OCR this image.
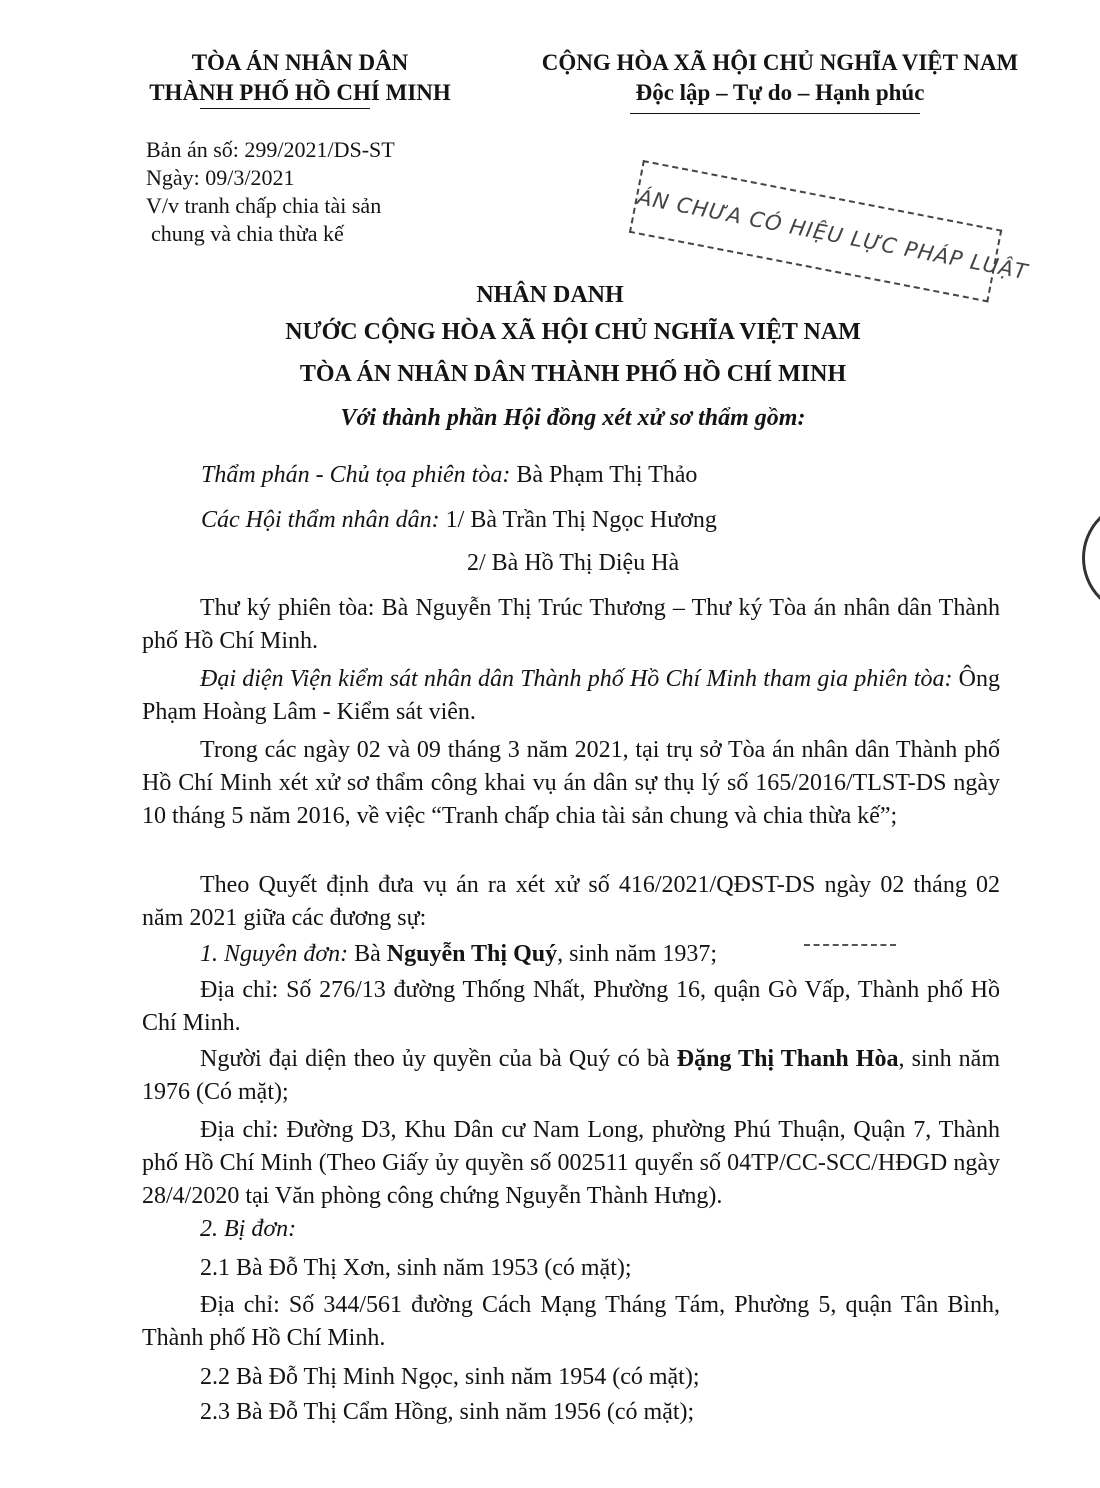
TÒA ÁN NHÂN DÂN
THÀNH PHỐ HỒ CHÍ MINH
CỘNG HÒA XÃ HỘI CHỦ NGHĨA VIỆT NAM
Độc lập – Tự do – Hạnh phúc
Bản án số: 299/2021/DS-ST
Ngày: 09/3/2021
V/v tranh chấp chia tài sản
chung và chia thừa kế	ÁN CHƯA CÓ HIỆU LỰC PHÁP LUẬT
NHÂN DANH
NƯỚC CỘNG HÒA XÃ HỘI CHỦ NGHĨA VIỆT NAM
TÒA ÁN NHÂN DÂN THÀNH PHỐ HỒ CHÍ MINH
Với thành phần Hội đồng xét xử sơ thẩm gồm:
Thẩm phán - Chủ tọa phiên tòa: Bà Phạm Thị Thảo
Các Hội thẩm nhân dân: 1/ Bà Trần Thị Ngọc Hương
2/ Bà Hồ Thị Diệu Hà
Thư ký phiên tòa: Bà Nguyễn Thị Trúc Thương – Thư ký Tòa án nhân dân Thành phố Hồ Chí Minh.
Đại diện Viện kiểm sát nhân dân Thành phố Hồ Chí Minh tham gia phiên tòa: Ông Phạm Hoàng Lâm - Kiểm sát viên.
Trong các ngày 02 và 09 tháng 3 năm 2021, tại trụ sở Tòa án nhân dân Thành phố Hồ Chí Minh xét xử sơ thẩm công khai vụ án dân sự thụ lý số 165/2016/TLST-DS ngày 10 tháng 5 năm 2016, về việc “Tranh chấp chia tài sản chung và chia thừa kế”;
Theo Quyết định đưa vụ án ra xét xử số 416/2021/QĐST-DS ngày 02 tháng 02 năm 2021 giữa các đương sự:
1. Nguyên đơn: Bà Nguyễn Thị Quý, sinh năm 1937;
Địa chỉ: Số 276/13 đường Thống Nhất, Phường 16, quận Gò Vấp, Thành phố Hồ Chí Minh.
Người đại diện theo ủy quyền của bà Quý có bà Đặng Thị Thanh Hòa, sinh năm 1976 (Có mặt);
Địa chỉ: Đường D3, Khu Dân cư Nam Long, phường Phú Thuận, Quận 7, Thành phố Hồ Chí Minh (Theo Giấy ủy quyền số 002511 quyển số 04TP/CC-SCC/HĐGD ngày 28/4/2020 tại Văn phòng công chứng Nguyễn Thành Hưng).
2. Bị đơn:
2.1 Bà Đỗ Thị Xơn, sinh năm 1953 (có mặt);
Địa chỉ: Số 344/561 đường Cách Mạng Tháng Tám, Phường 5, quận Tân Bình, Thành phố Hồ Chí Minh.
2.2 Bà Đỗ Thị Minh Ngọc, sinh năm 1954 (có mặt);
2.3 Bà Đỗ Thị Cẩm Hồng, sinh năm 1956 (có mặt);
